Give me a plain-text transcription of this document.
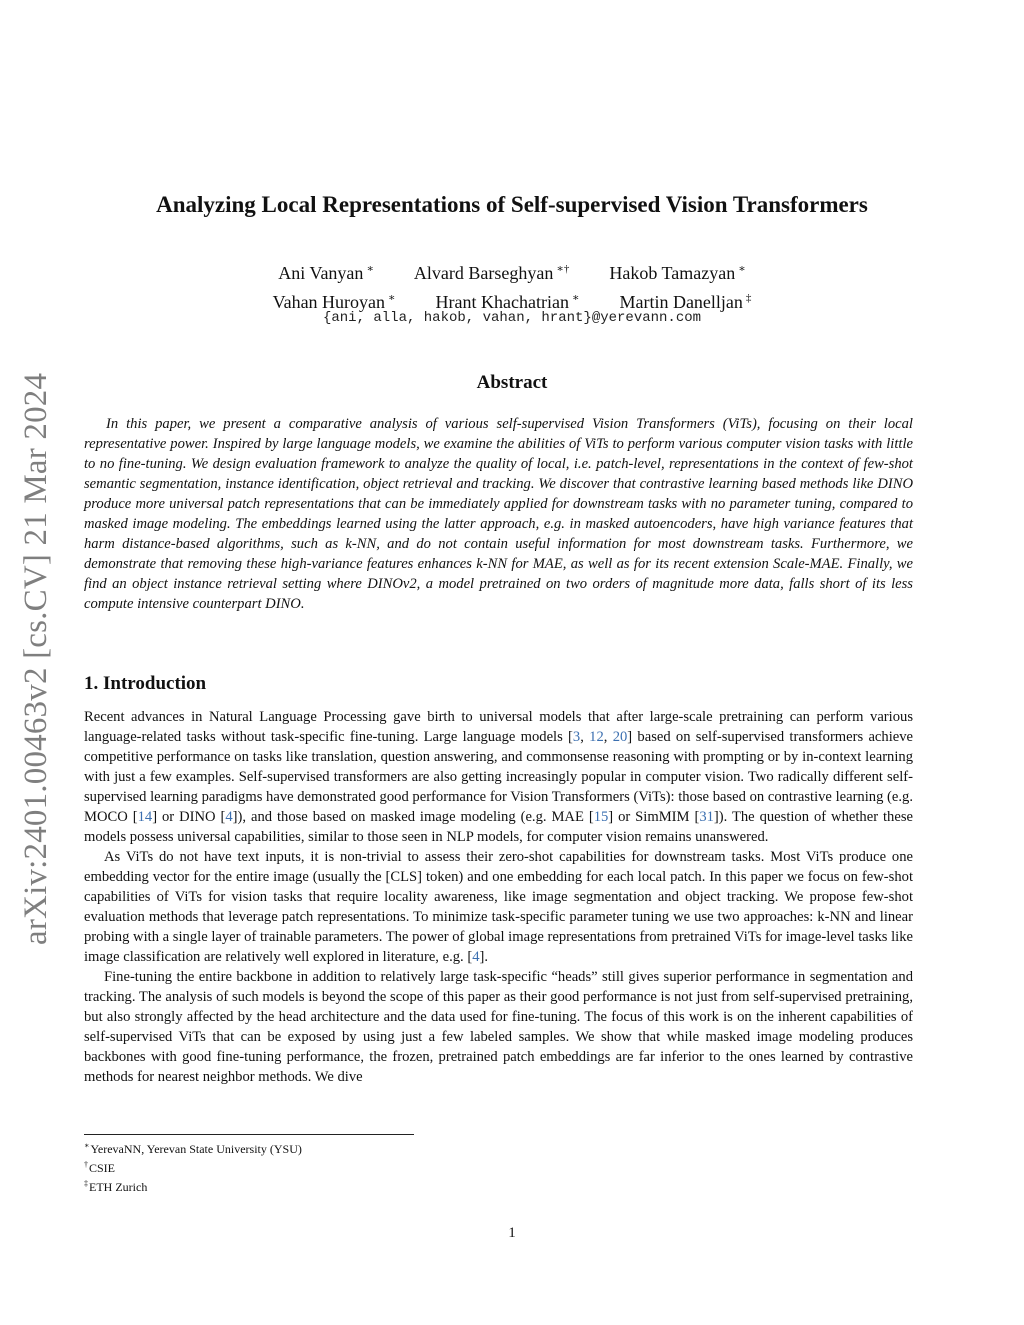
arXiv:2401.00463v2 [cs.CV] 21 Mar 2024
Analyzing Local Representations of Self-supervised Vision Transformers
Ani Vanyan ∗ Alvard Barseghyan ∗† Hakob Tamazyan ∗
Vahan Huroyan ∗ Hrant Khachatrian ∗ Martin Danelljan ‡
{ani, alla, hakob, vahan, hrant}@yerevann.com
Abstract

In this paper, we present a comparative analysis of various self-supervised Vision Transformers (ViTs), focusing on their local representative power. Inspired by large language models, we examine the abilities of ViTs to perform various computer vision tasks with little to no fine-tuning. We design evaluation framework to analyze the quality of local, i.e. patch-level, representations in the context of few-shot semantic segmentation, instance identification, object retrieval and tracking. We discover that contrastive learning based methods like DINO produce more universal patch representations that can be immediately applied for downstream tasks with no parameter tuning, compared to masked image modeling. The embeddings learned using the latter approach, e.g. in masked autoencoders, have high variance features that harm distance-based algorithms, such as k-NN, and do not contain useful information for most downstream tasks. Furthermore, we demonstrate that removing these high-variance features enhances k-NN for MAE, as well as for its recent extension Scale-MAE. Finally, we find an object instance retrieval setting where DINOv2, a model pretrained on two orders of magnitude more data, falls short of its less compute intensive counterpart DINO.

1. Introduction

Recent advances in Natural Language Processing gave birth to universal models that after large-scale pretraining can perform various language-related tasks without task-specific fine-tuning. Large language models [3, 12, 20] based on self-supervised transformers achieve competitive performance on tasks like translation, question answering, and commonsense reasoning with prompting or by in-context learning with just a few examples. Self-supervised transformers are also getting increasingly popular in computer vision. Two radically different self-supervised learning paradigms have demonstrated good performance for Vision Transformers (ViTs): those based on contrastive learning (e.g. MOCO [14] or DINO [4]), and those based on masked image modeling (e.g. MAE [15] or SimMIM [31]). The question of whether these models possess universal capabilities, similar to those seen in NLP models, for computer vision remains unanswered.

As ViTs do not have text inputs, it is non-trivial to assess their zero-shot capabilities for downstream tasks. Most ViTs produce one embedding vector for the entire image (usually the [CLS] token) and one embedding for each local patch. In this paper we focus on few-shot capabilities of ViTs for vision tasks that require locality awareness, like image segmentation and object tracking. We propose few-shot evaluation methods that leverage patch representations. To minimize task-specific parameter tuning we use two approaches: k-NN and linear probing with a single layer of trainable parameters. The power of global image representations from pretrained ViTs for image-level tasks like image classification are relatively well explored in literature, e.g. [4].

Fine-tuning the entire backbone in addition to relatively large task-specific “heads” still gives superior performance in segmentation and tracking. The analysis of such models is beyond the scope of this paper as their good performance is not just from self-supervised pretraining, but also strongly affected by the head architecture and the data used for fine-tuning. The focus of this work is on the inherent capabilities of self-supervised ViTs that can be exposed by using just a few labeled samples. We show that while masked image modeling produces backbones with good fine-tuning performance, the frozen, pretrained patch embeddings are far inferior to the ones learned by contrastive methods for nearest neighbor methods. We dive

∗YerevaNN, Yerevan State University (YSU)
†CSIE
‡ETH Zurich
1
